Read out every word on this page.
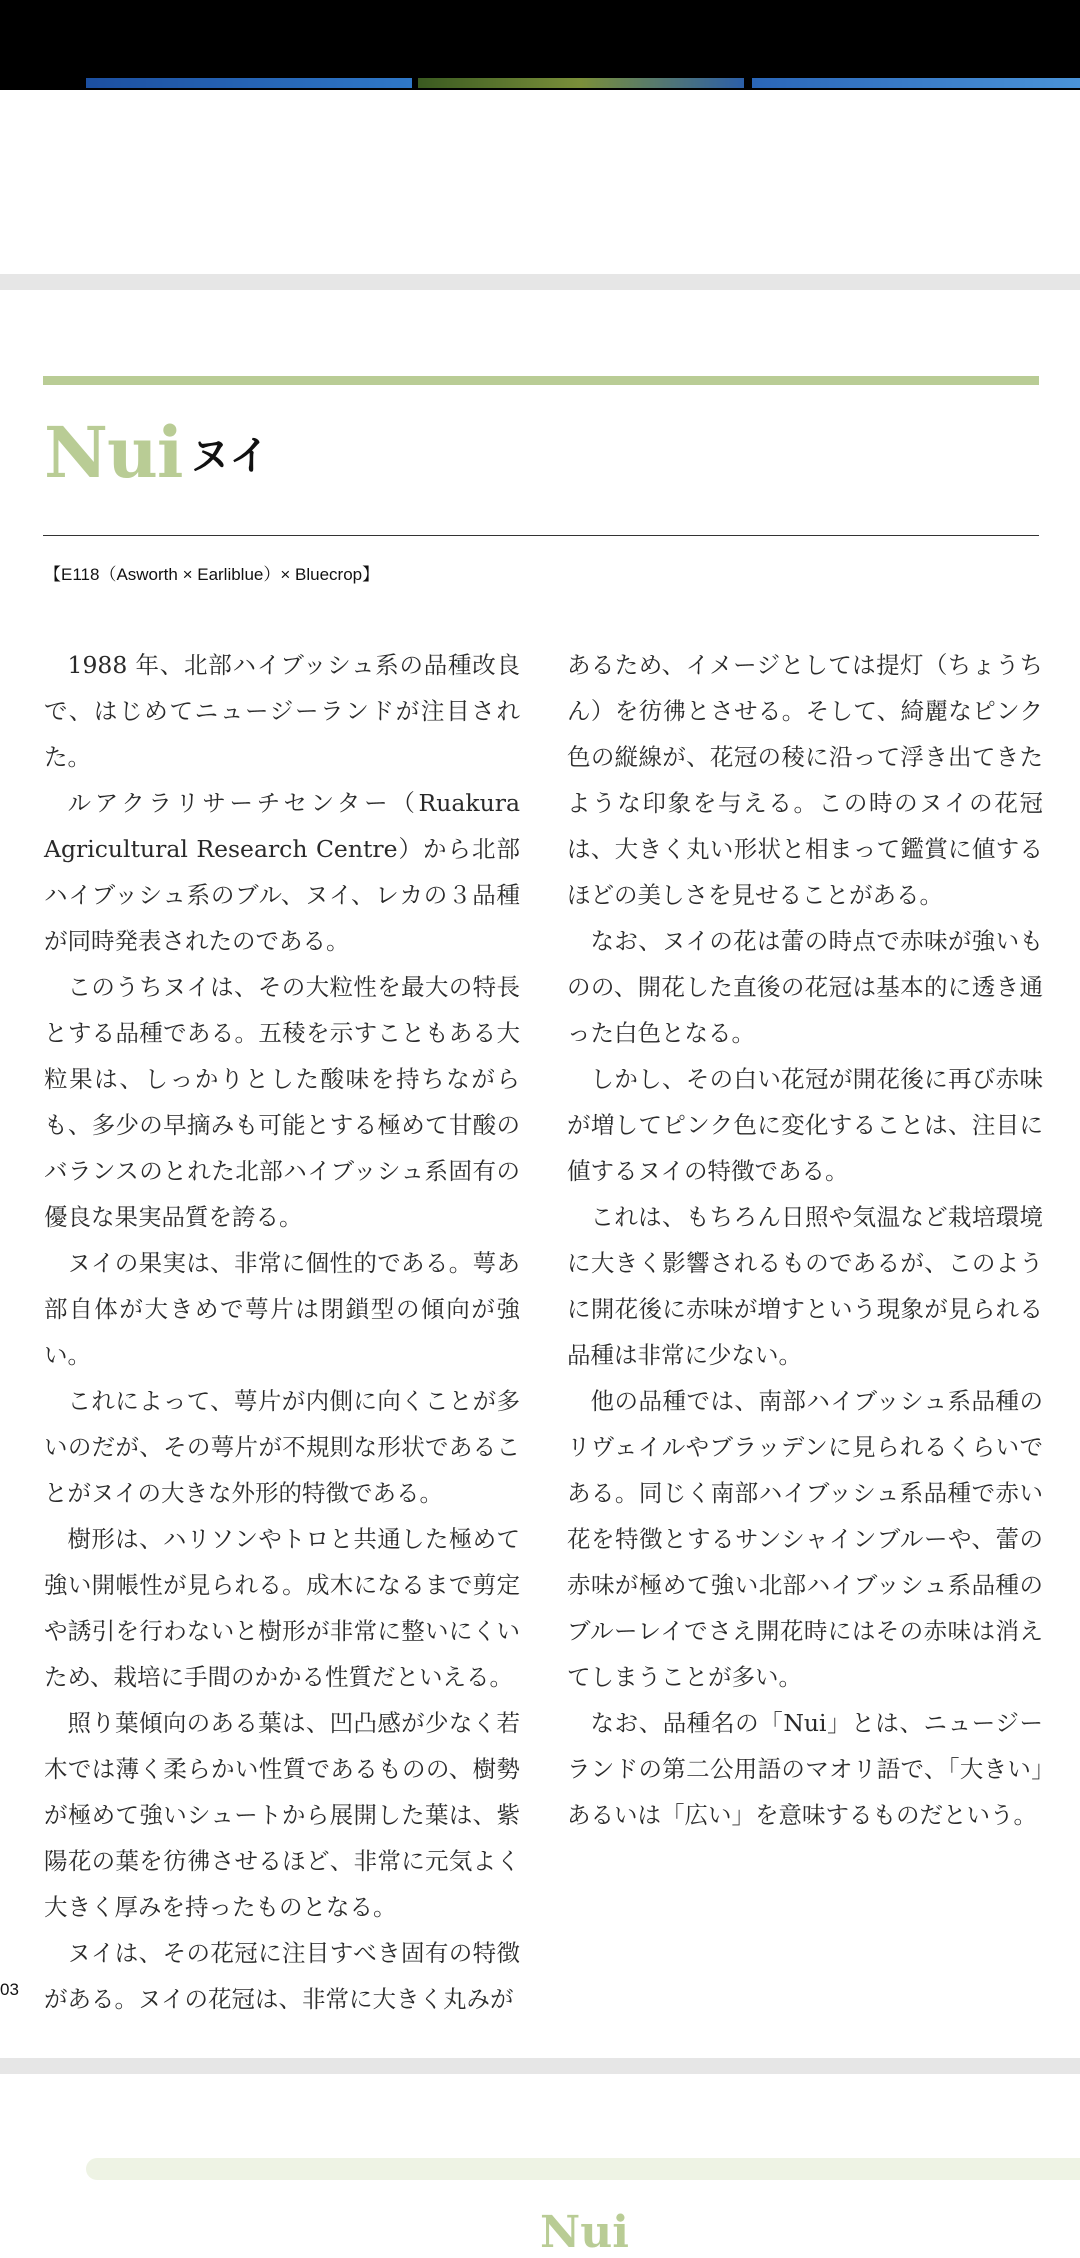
Nui ヌイ
【E118（Asworth × Earliblue）× Bluecrop】

1988 年、北部ハイブッシュ系の品種改良で、はじめてニュージーランドが注目された。

ルアクラリサーチセンター（Ruakura Agricultural Research Centre）から北部ハイブッシュ系のブル、ヌイ、レカの３品種が同時発表されたのである。

このうちヌイは、その大粒性を最大の特長とする品種である。五稜を示すこともある大粒果は、しっかりとした酸味を持ちながらも、多少の早摘みも可能とする極めて甘酸のバランスのとれた北部ハイブッシュ系固有の優良な果実品質を誇る。

ヌイの果実は、非常に個性的である。萼あ部自体が大きめで萼片は閉鎖型の傾向が強い。

これによって、萼片が内側に向くことが多いのだが、その萼片が不規則な形状であることがヌイの大きな外形的特徴である。

樹形は、ハリソンやトロと共通した極めて強い開帳性が見られる。成木になるまで剪定や誘引を行わないと樹形が非常に整いにくいため、栽培に手間のかかる性質だといえる。

照り葉傾向のある葉は、凹凸感が少なく若木では薄く柔らかい性質であるものの、樹勢が極めて強いシュートから展開した葉は、紫陽花の葉を彷彿させるほど、非常に元気よく大きく厚みを持ったものとなる。

ヌイは、その花冠に注目すべき固有の特徴がある。ヌイの花冠は、非常に大きく丸みが

あるため、イメージとしては提灯（ちょうちん）を彷彿とさせる。そして、綺麗なピンク色の縦線が、花冠の稜に沿って浮き出てきたような印象を与える。この時のヌイの花冠は、大きく丸い形状と相まって鑑賞に値するほどの美しさを見せることがある。

なお、ヌイの花は蕾の時点で赤味が強いものの、開花した直後の花冠は基本的に透き通った白色となる。

しかし、その白い花冠が開花後に再び赤味が増してピンク色に変化することは、注目に値するヌイの特徴である。

これは、もちろん日照や気温など栽培環境に大きく影響されるものであるが、このように開花後に赤味が増すという現象が見られる品種は非常に少ない。

他の品種では、南部ハイブッシュ系品種のリヴェイルやブラッデンに見られるくらいである。同じく南部ハイブッシュ系品種で赤い花を特徴とするサンシャインブルーや、蕾の赤味が極めて強い北部ハイブッシュ系品種のブルーレイでさえ開花時にはその赤味は消えてしまうことが多い。

なお、品種名の「Nui」とは、ニュージーランドの第二公用語のマオリ語で、「大きい」あるいは「広い」を意味するものだという。

03
Nui
